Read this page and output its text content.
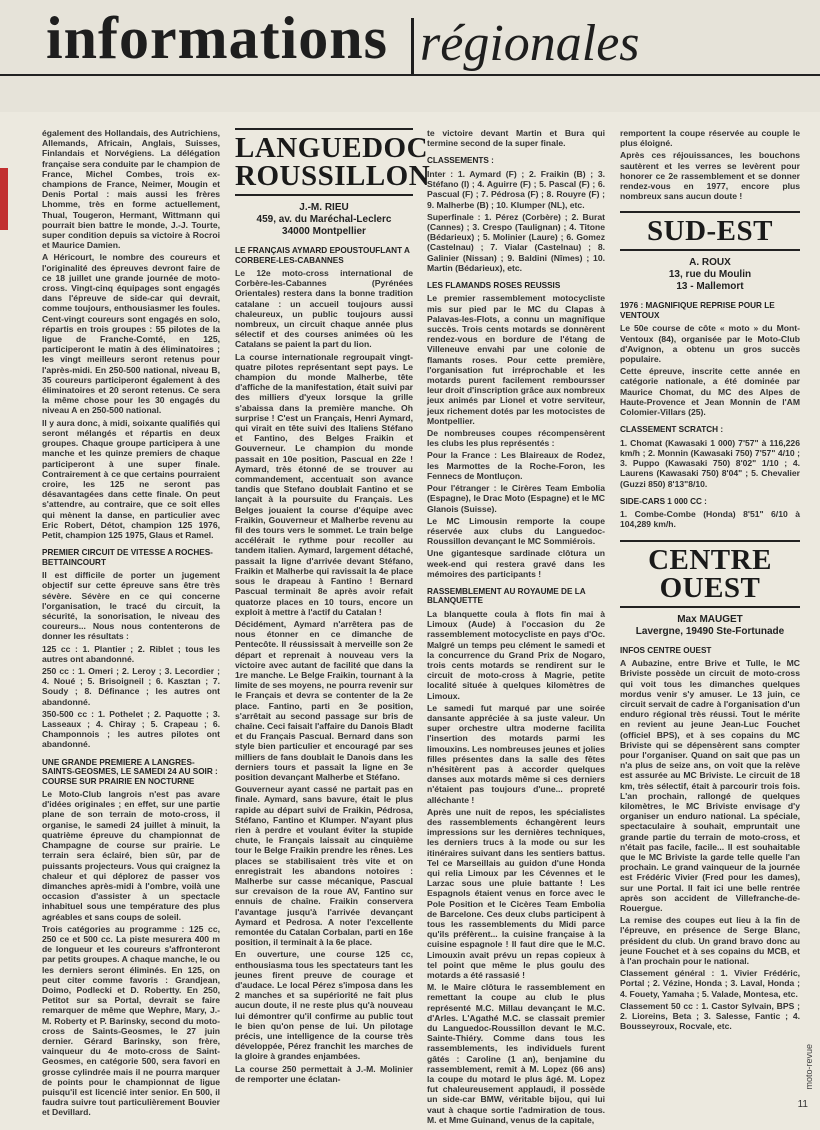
informations régionales

également des Hollandais, des Autrichiens, Allemands, Africain, Anglais, Suisses, Finlandais et Norvégiens. La délégation française sera conduite par le champion de France, Michel Combes, trois ex-champions de France, Neimer, Mougin et Denis Portal : mais aussi les frères Lhomme, très en forme actuellement, Thual, Tougeron, Hermant, Wittmann qui pourrait bien battre le monde, J.-J. Tourte, super condition depuis sa victoire à Rocroi et Maurice Damien.

A Héricourt, le nombre des coureurs et l'originalité des épreuves devront faire de ce 18 juillet une grande journée de moto-cross. Vingt-cinq équipages sont engagés dans l'épreuve de side-car qui devrait, comme toujours, enthousiasmer les foules. Cent-vingt coureurs sont engagés en solo, répartis en trois groupes : 55 pilotes de la ligue de Franche-Comté, en 125, participeront le matin à des éliminatoires ; les vingt meilleurs seront retenus pour l'après-midi. En 250-500 national, niveau B, 35 coureurs participeront également à des éliminatoires et 20 seront retenus. Ce sera la même chose pour les 30 engagés du niveau A en 250-500 national.

Il y aura donc, à midi, soixante qualifiés qui seront mélangés et répartis en deux groupes. Chaque groupe participera à une manche et les quinze premiers de chaque participeront à une super finale. Contrairement à ce que certains pourraient croire, les 125 ne seront pas désavantagées dans cette finale. On peut s'attendre, au contraire, que ce soit elles qui mènent la danse, en particulier avec Eric Robert, Détot, champion 125 1976, Petit, champion 125 1975, Glaus et Ramel.

PREMIER CIRCUIT DE VITESSE A ROCHES-BETTAINCOURT

Il est difficile de porter un jugement objectif sur cette épreuve sans être très sévère. Sévère en ce qui concerne l'organisation, le tracé du circuit, la sécurité, la sonorisation, le niveau des coureurs... Nous nous contenterons de donner les résultats :

125 cc : 1. Plantier ; 2. Riblet ; tous les autres ont abandonné.

250 cc : 1. Omeri ; 2. Leroy ; 3. Lecordier ; 4. Noué ; 5. Brisoigneil ; 6. Kasztan ; 7. Soudy ; 8. Définance ; les autres ont abandonné.

350-500 cc : 1. Pothelet ; 2. Paquotte ; 3. Lasseaux ; 4. Chiray ; 5. Crapeau ; 6. Champonnois ; les autres pilotes ont abandonné.

UNE GRANDE PREMIERE A LANGRES-SAINTS-GEOSMES, LE SAMEDI 24 AU SOIR : COURSE SUR PRAIRIE EN NOCTURNE

Le Moto-Club langrois n'est pas avare d'idées originales ; en effet, sur une partie plane de son terrain de moto-cross, il organise, le samedi 24 juillet à minuit, la quatrième épreuve du championnat de Champagne de course sur prairie. Le terrain sera éclairé, bien sûr, par de puissants projecteurs. Vous qui craignez la chaleur et qui déplorez de passer vos dimanches après-midi à l'ombre, voilà une occasion d'assister à un spectacle inhabituel sous une température des plus agréables et sans coups de soleil.

Trois catégories au programme : 125 cc, 250 ce et 500 cc. La piste mesurera 400 m de longueur et les coureurs s'affronteront par petits groupes. A chaque manche, le ou les derniers seront éliminés. En 125, on peut citer comme favoris : Grandjean, Doimo, Podlecki et D. Robertty. En 250, Petitot sur sa Portal, devrait se faire remarquer de même que Wephre, Mary, J.-M. Roberty et P. Barinsky, second du moto-cross de Saints-Geosmes, le 27 juin dernier. Gérard Barinsky, son frère, vainqueur du 4e moto-cross de Saint-Geosmes, en catégorie 500, sera favori en grosse cylindrée mais il ne pourra marquer de points pour le championnat de ligue puisqu'il est licencié inter senior. En 500, il faudra suivre tout particulièrement Bouvier et Devillard.

LANGUEDOC ROUSSILLON
J.-M. RIEU
459, av. du Maréchal-Leclerc
34000 Montpellier
LE FRANÇAIS AYMARD EPOUSTOUFLANT A CORBERE-LES-CABANNES

Le 12e moto-cross international de Corbère-les-Cabannes (Pyrénées Orientales) restera dans la bonne tradition catalane : un accueil toujours aussi chaleureux, un public toujours aussi nombreux, un circuit chaque année plus sélectif et des courses animées où les Catalans se paient la part du lion.

La course internationale regroupait vingt-quatre pilotes représentant sept pays. Le champion du monde Malherbe, tête d'affiche de la manifestation, était suivi par des milliers d'yeux lorsque la grille s'abaissa dans la première manche. Oh surprise ! C'est un Français, Henri Aymard, qui virait en tête suivi des Italiens Stéfano et Fantino, des Belges Fraikin et Gouverneur. Le champion du monde passait en 10e position, Pascual en 22e ! Aymard, très étonné de se trouver au commandement, accentuait son avance tandis que Stefano doublait Fantino et se lançait à la poursuite du Français. Les Belges jouaient la course d'équipe avec Fraikin, Gouverneur et Malherbe revenu au fil des tours vers le sommet. Le train belge accélérait le rythme pour recoller au tandem italien. Aymard, largement détaché, passait la ligne d'arrivée devant Stéfano, Fraikin et Malherbe qui ravissait la 4e place sous le drapeau à Fantino ! Bernard Pascual terminait 8e après avoir refait quatorze places en 10 tours, encore un exploit à mettre à l'actif du Catalan !

Décidément, Aymard n'arrêtera pas de nous étonner en ce dimanche de Pentecôte. Il réussissait à merveille son 2e départ et reprenait à nouveau vers la victoire avec autant de facilité que dans la 1re manche. Le Belge Fraikin, tournant à la limite de ses moyens, ne pourra revenir sur le Français et devra se contenter de la 2e place. Fantino, parti en 3e position, s'arrêtait au second passage sur bris de chaîne. Ceci faisait l'affaire du Danois Bladt et du Français Pascual. Bernard dans son style bien particulier et encouragé par ses milliers de fans doublait le Danois dans les derniers tours et passait la ligne en 3e position devançant Malherbe et Stéfano.

Gouverneur ayant cassé ne partait pas en finale. Aymard, sans bavure, était le plus rapide au départ suivi de Fraikin, Pédrosa, Stéfano, Fantino et Klumper. N'ayant plus rien à perdre et voulant éviter la stupide chute, le Français laissait au cinquième tour le Belge Fraikin prendre les rênes. Les places se stabilisaient très vite et on enregistrait les abandons notoires : Malherbe sur casse mécanique, Pascual sur crevaison de la roue AV, Fantino sur ennuis de chaîne. Fraikin conservera l'avantage jusqu'à l'arrivée devançant Aymard et Pedrosa. A noter l'excellente remontée du Catalan Corbalan, parti en 16e position, il terminait à la 6e place.

En ouverture, une course 125 cc, enthousiasma tous les spectateurs tant les jeunes firent preuve de courage et d'audace. Le local Pérez s'imposa dans les 2 manches et sa supériorité ne fait plus aucun doute, il ne reste plus qu'à nouveau lui démontrer qu'il confirme au public tout le bien qu'on pense de lui. Un pilotage précis, une intelligence de la course très développée, Pérez franchit les marches de la gloire à grandes enjambées.

La course 250 permettait à J.-M. Molinier de remporter une éclatan-

te victoire devant Martin et Bura qui termine second de la super finale.

CLASSEMENTS :

Inter : 1. Aymard (F) ; 2. Fraikin (B) ; 3. Stéfano (I) ; 4. Aguirre (F) ; 5. Pascal (F) ; 6. Pascual (F) ; 7. Pédrosa (F) ; 8. Rouyre (F) ; 9. Malherbe (B) ; 10. Klumper (NL), etc.

Superfinale : 1. Pérez (Corbère) ; 2. Burat (Cannes) ; 3. Crespo (Taulignan) ; 4. Titone (Bédarieux) ; 5. Molinier (Laure) ; 6. Gomez (Castelnau) ; 7. Vialar (Castelnau) ; 8. Galinier (Nissan) ; 9. Baldini (Nîmes) ; 10. Martin (Bédarieux), etc.

LES FLAMANDS ROSES REUSSIS

Le premier rassemblement motocycliste mis sur pied par le MC du Clapas à Palavas-les-Flots, a connu un magnifique succès. Trois cents motards se donnèrent rendez-vous en bordure de l'étang de Villeneuve envahi par une colonie de flamants roses. Pour cette première, l'organisation fut irréprochable et les motards purent facilement remboursser leur droit d'inscription grâce aux nombreux jeux animés par Lionel et votre serviteur, jeux richement dotés par les motocistes de Montpellier.

De nombreuses coupes récompensèrent les clubs les plus représentés :

Pour la France : Les Blaireaux de Rodez, les Marmottes de la Roche-Foron, les Fennecs de Montluçon.

Pour l'étranger : le Cirères Team Embolia (Espagne), le Drac Moto (Espagne) et le MC Glanois (Suisse).

Le MC Limousin remporte la coupe réservée aux clubs du Languedoc-Roussillon devançant le MC Sommiérois.

Une gigantesque sardinade clôtura un week-end qui restera gravé dans les mémoires des participants !

RASSEMBLEMENT AU ROYAUME DE LA BLANQUETTE

La blanquette coula à flots fin mai à Limoux (Aude) à l'occasion du 2e rassemblement motocycliste en pays d'Oc. Malgré un temps peu clément le samedi et la concurrence du Grand Prix de Nogaro, trois cents motards se rendirent sur le circuit de moto-cross à Magrie, petite localité située à quelques kilomètres de Limoux.

Le samedi fut marqué par une soirée dansante appréciée à sa juste valeur. Un super orchestre ultra moderne facilita l'insertion des motards parmi les limouxins. Les nombreuses jeunes et jolies filles présentes dans la salle des fêtes n'hésitèrent pas à accorder quelques danses aux motards même si ces derniers n'étaient pas toujours d'une... propreté alléchante !

Après une nuit de repos, les spécialistes des rassemblements échangèrent leurs impressions sur les dernières techniques, les derniers trucs à la mode ou sur les itinéraires suivant dans les sentiers battus. Tel ce Marseillais au guidon d'une Honda qui relia Limoux par les Cévennes et le Larzac sous une pluie battante ! Les Espagnols étaient venus en force avec le Pole Position et le Cicères Team Embolia de Barcelone. Ces deux clubs participent à tous les rassemblements du Midi parce qu'ils préfèrent... la cuisine française à la cuisine espagnole ! Il faut dire que le M.C. Limouxin avait prévu un repas copieux à tel point que même le plus goulu des motards a été rassasié !

M. le Maire clôtura le rassemblement en remettant la coupe au club le plus représenté M.C. Millau devançant le M.C. d'Arles. L'Agathé M.C. se classait premier du Languedoc-Roussillon devant le M.C. Sainte-Thiéry. Comme dans tous les rassemblements, les individuels furent gâtés : Caroline (1 an), benjamine du rassemblement, remit à M. Lopez (66 ans) la coupe du motard le plus âgé. M. Lopez fut chaleureusement applaudi, il possède un side-car BMW, véritable bijou, qui lui vaut à chaque sortie l'admiration de tous. M. et Mme Guinand, venus de la capitale,

remportent la coupe réservée au couple le plus éloigné.

Après ces réjouissances, les bouchons sautèrent et les verres se levèrent pour honorer ce 2e rassemblement et se donner rendez-vous en 1977, encore plus nombreux sans aucun doute !

SUD-EST
A. ROUX
13, rue du Moulin
13 - Mallemort
1976 : MAGNIFIQUE REPRISE POUR LE VENTOUX

Le 50e course de côte « moto » du Mont-Ventoux (84), organisée par le Moto-Club d'Avignon, a obtenu un gros succès populaire.

Cette épreuve, inscrite cette année en catégorie nationale, a été dominée par Maurice Chomat, du MC des Alpes de Haute-Provence et Jean Monnin de l'AM Colomier-Villars (25).

CLASSEMENT SCRATCH :

1. Chomat (Kawasaki 1 000) 7'57" à 116,226 km/h ; 2. Monnin (Kawasaki 750) 7'57" 4/10 ; 3. Puppo (Kawasaki 750) 8'02" 1/10 ; 4. Laurens (Kawasaki 750) 8'04" ; 5. Chevalier (Guzzi 850) 8'13"8/10.

SIDE-CARS 1 000 CC :

1. Combe-Combe (Honda) 8'51" 6/10 à 104,289 km/h.

CENTRE OUEST
Max MAUGET
Lavergne, 19490 Ste-Fortunade
INFOS CENTRE OUEST

A Aubazine, entre Brive et Tulle, le MC Briviste possède un circuit de moto-cross qui voit tous les dimanches quelques mordus venir s'y amuser. Le 13 juin, ce circuit servait de cadre à l'organisation d'un enduro régional très réussi. Tout le mérite en revient au jeune Jean-Luc Fouchet (officiel BPS), et à ses copains du MC Briviste qui se dépensèrent sans compter pour l'organiser. Quand on sait que pas un n'a plus de seize ans, on voit que la relève est assurée au MC Briviste. Le circuit de 18 km, très sélectif, était à parcourir trois fois. L'an prochain, rallongé de quelques kilomètres, le MC Briviste envisage d'y organiser un enduro national. La spéciale, spectaculaire à souhait, empruntait une grande partie du terrain de moto-cross, et n'était pas facile, facile... Il est souhaitable que le MC Briviste la garde telle quelle l'an prochain. Le grand vainqueur de la journée est Frédéric Vivier (Fred pour les dames), sur une Portal. Il fait ici une belle rentrée après son accident de Villefranche-de-Rouergue.

La remise des coupes eut lieu à la fin de l'épreuve, en présence de Serge Blanc, président du club. Un grand bravo donc au jeune Fouchet et à ses copains du MCB, et à l'an prochain pour le national.

Classement général : 1. Vivier Frédéric, Portal ; 2. Vézine, Honda ; 3. Laval, Honda ; 4. Fouety, Yamaha ; 5. Valade, Montesa, etc.

Classement 50 cc : 1. Castor Sylvain, BPS ; 2. Lioreins, Beta ; 3. Salesse, Fantic ; 4. Bousseyroux, Rocvale, etc.

moto-revue
11
